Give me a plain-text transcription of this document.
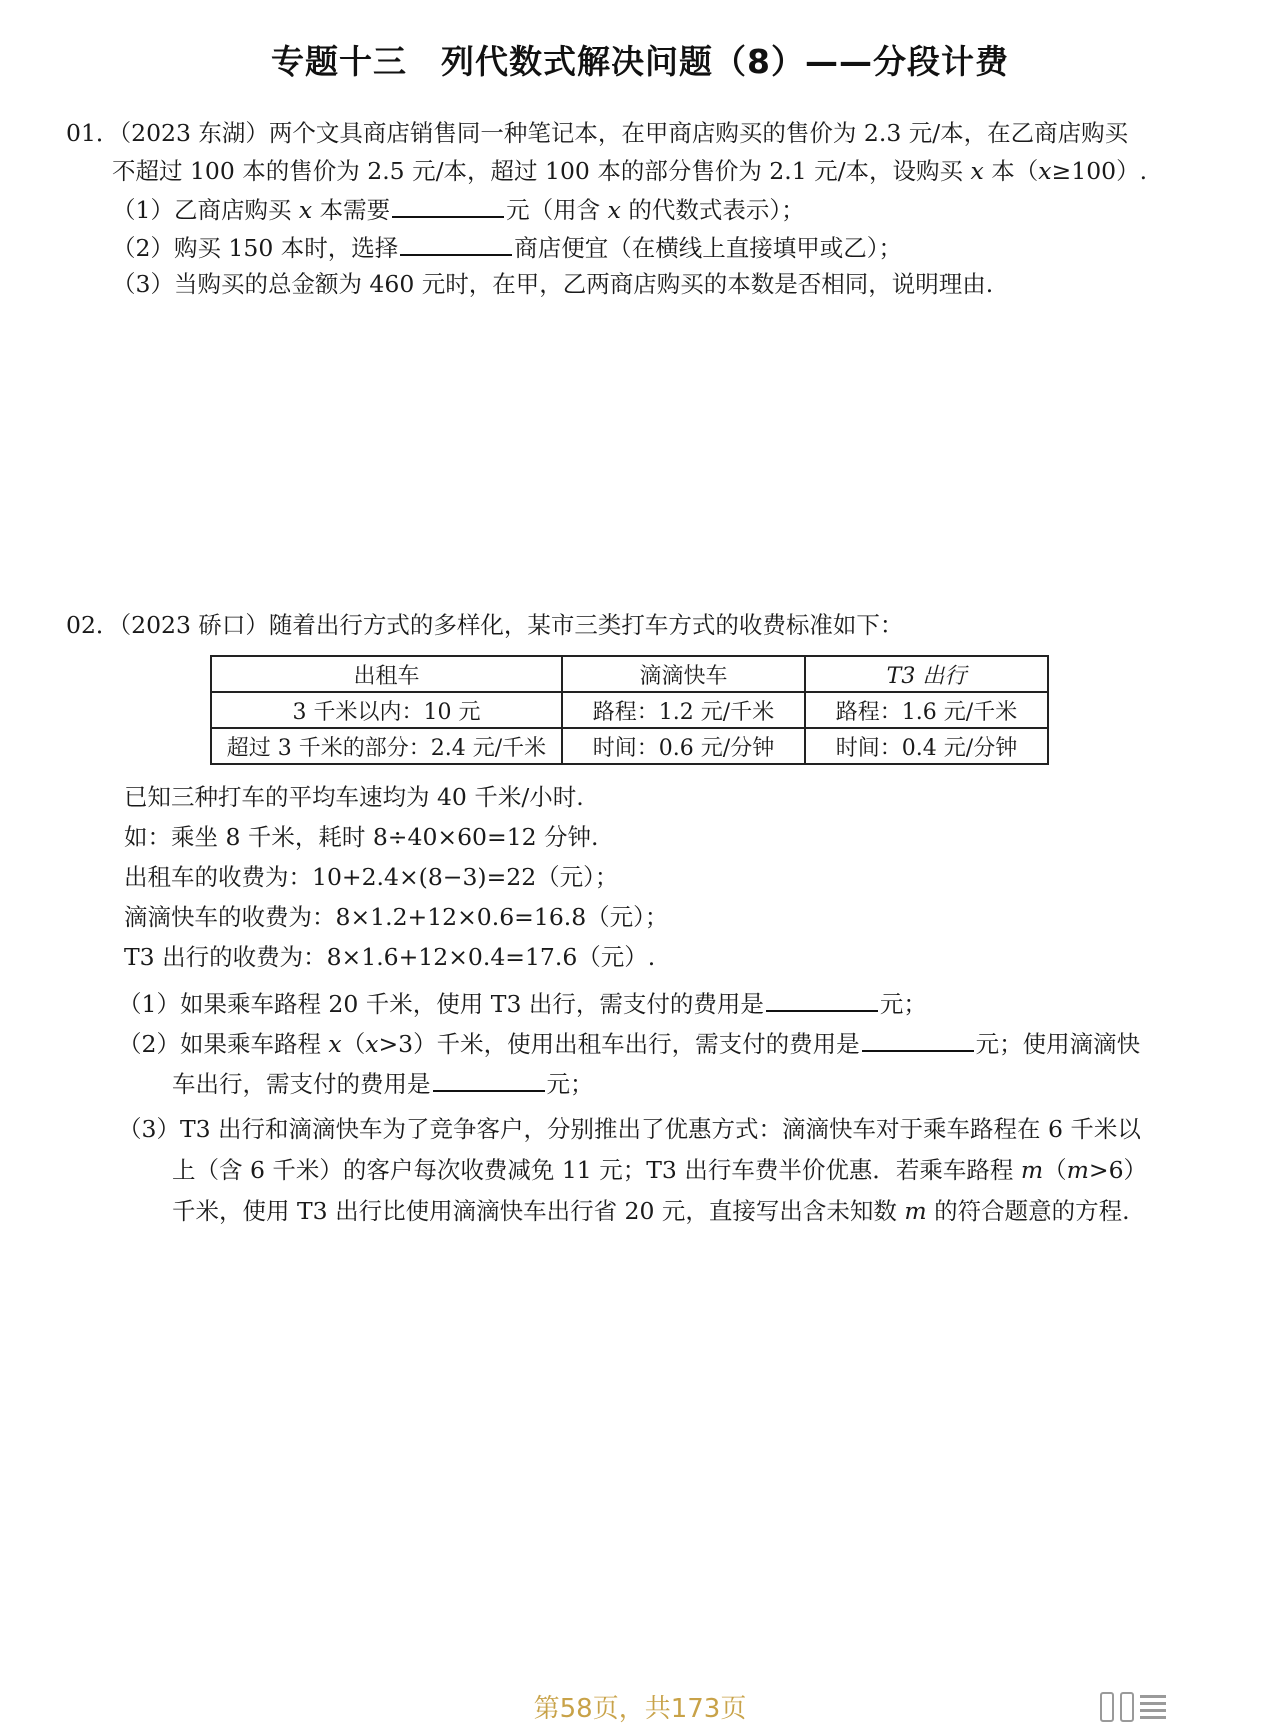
专题十三　列代数式解决问题（8）——分段计费
01．（2023 东湖）两个文具商店销售同一种笔记本，在甲商店购买的售价为 2.3 元/本，在乙商店购买
不超过 100 本的售价为 2.5 元/本，超过 100 本的部分售价为 2.1 元/本，设购买 x 本（x≥100）.
（1）乙商店购买 x 本需要	元（用含 x 的代数式表示）；
（2）购买 150 本时，选择	商店便宜（在横线上直接填甲或乙）；
（3）当购买的总金额为 460 元时，在甲，乙两商店购买的本数是否相同，说明理由.
02．（2023 硚口）随着出行方式的多样化，某市三类打车方式的收费标准如下：
出租车	滴滴快车	T3 出行
3 千米以内：10 元	路程：1.2 元/千米	路程：1.6 元/千米
超过 3 千米的部分：2.4 元/千米	时间：0.6 元/分钟	时间：0.4 元/分钟
已知三种打车的平均车速均为 40 千米/小时.
如：乘坐 8 千米，耗时 8÷40×60=12 分钟.
出租车的收费为：10+2.4×(8−3)=22（元）；
滴滴快车的收费为：8×1.2+12×0.6=16.8（元）；
T3 出行的收费为：8×1.6+12×0.4=17.6（元）.
（1）如果乘车路程 20 千米，使用 T3 出行，需支付的费用是	元；
（2）如果乘车路程 x（x>3）千米，使用出租车出行，需支付的费用是	元；使用滴滴快
车出行，需支付的费用是	元；
（3）T3 出行和滴滴快车为了竞争客户，分别推出了优惠方式：滴滴快车对于乘车路程在 6 千米以
上（含 6 千米）的客户每次收费减免 11 元；T3 出行车费半价优惠．若乘车路程 m（m>6）
千米，使用 T3 出行比使用滴滴快车出行省 20 元，直接写出含未知数 m 的符合题意的方程.
第58页，共173页
